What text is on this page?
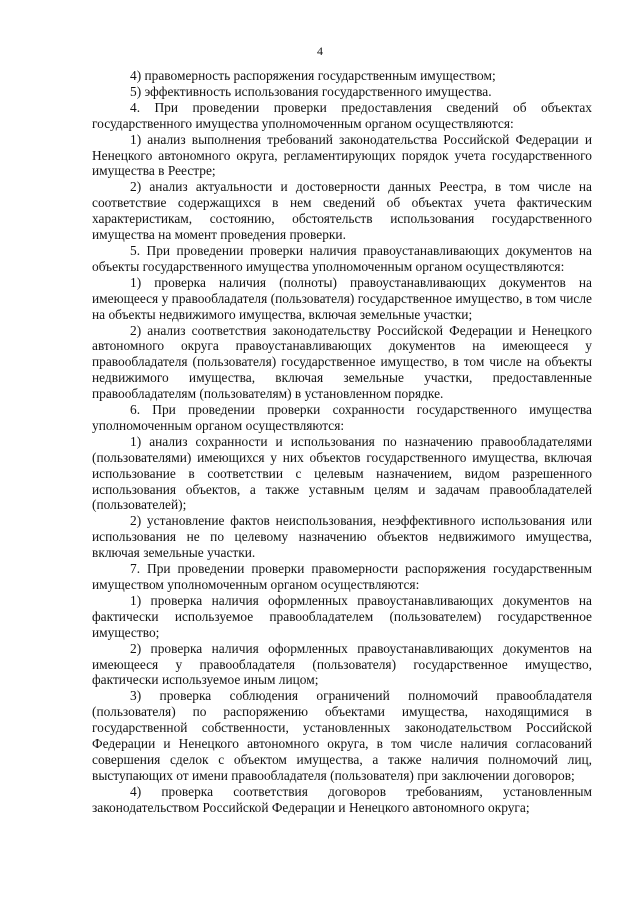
4

4) правомерность распоряжения государственным имуществом;

5) эффективность использования государственного имущества.

4. При проведении проверки предоставления сведений об объектах государственного имущества уполномоченным органом осуществляются:

1) анализ выполнения требований законодательства Российской Федерации и Ненецкого автономного округа, регламентирующих порядок учета государственного имущества в Реестре;

2) анализ актуальности и достоверности данных Реестра, в том числе на соответствие содержащихся в нем сведений об объектах учета фактическим характеристикам, состоянию, обстоятельств использования государственного имущества на момент проведения проверки.

5. При проведении проверки наличия правоустанавливающих документов на объекты государственного имущества уполномоченным органом осуществляются:

1) проверка наличия (полноты) правоустанавливающих документов на имеющееся у правообладателя (пользователя) государственное имущество, в том числе на объекты недвижимого имущества, включая земельные участки;

2) анализ соответствия законодательству Российской Федерации и Ненецкого автономного округа правоустанавливающих документов на имеющееся у правообладателя (пользователя) государственное имущество, в том числе на объекты недвижимого имущества, включая земельные участки, предоставленные правообладателям (пользователям) в установленном порядке.

6. При проведении проверки сохранности государственного имущества уполномоченным органом осуществляются:

1) анализ сохранности и использования по назначению правообладателями (пользователями) имеющихся у них объектов государственного имущества, включая использование в соответствии с целевым назначением, видом разрешенного использования объектов, а также уставным целям и задачам правообладателей (пользователей);

2) установление фактов неиспользования, неэффективного использования или использования не по целевому назначению объектов недвижимого имущества, включая земельные участки.

7. При проведении проверки правомерности распоряжения государственным имуществом уполномоченным органом осуществляются:

1) проверка наличия оформленных правоустанавливающих документов на фактически используемое правообладателем (пользователем) государственное имущество;

2) проверка наличия оформленных правоустанавливающих документов на имеющееся у правообладателя (пользователя) государственное имущество, фактически используемое иным лицом;

3) проверка соблюдения ограничений полномочий правообладателя (пользователя) по распоряжению объектами имущества, находящимися в государственной собственности, установленных законодательством Российской Федерации и Ненецкого автономного округа, в том числе наличия согласований совершения сделок с объектом имущества, а также наличия полномочий лиц, выступающих от имени правообладателя (пользователя) при заключении договоров;

4) проверка соответствия договоров требованиям, установленным законодательством Российской Федерации и Ненецкого автономного округа;
